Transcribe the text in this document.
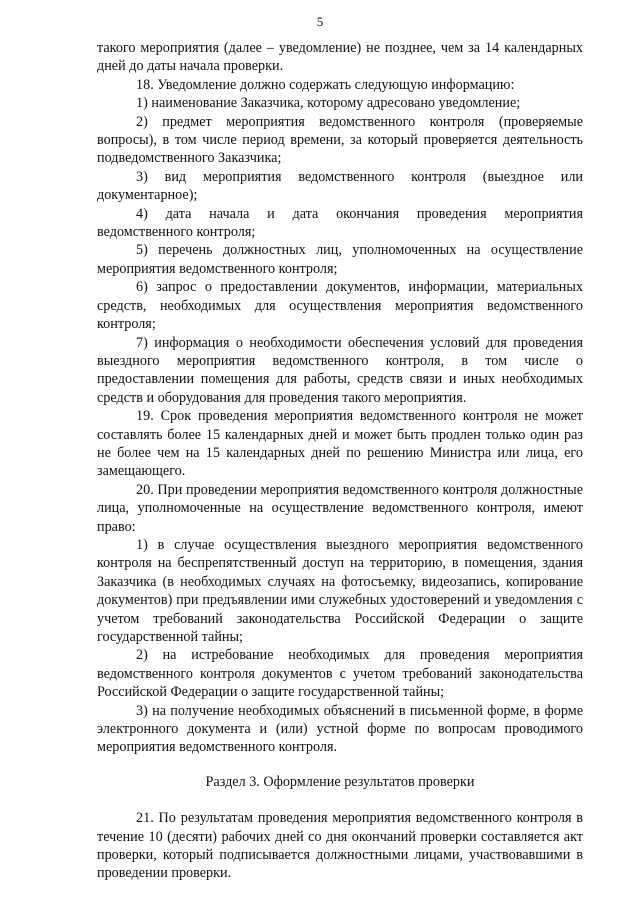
5

такого мероприятия (далее – уведомление) не позднее, чем за 14 календарных дней до даты начала проверки.

18. Уведомление должно содержать следующую информацию:

1) наименование Заказчика, которому адресовано уведомление;

2) предмет мероприятия ведомственного контроля (проверяемые вопросы), в том числе период времени, за который проверяется деятельность подведомственного Заказчика;

3) вид мероприятия ведомственного контроля (выездное или документарное);

4) дата начала и дата окончания проведения мероприятия ведомственного контроля;

5) перечень должностных лиц, уполномоченных на осуществление мероприятия ведомственного контроля;

6) запрос о предоставлении документов, информации, материальных средств, необходимых для осуществления мероприятия ведомственного контроля;

7) информация о необходимости обеспечения условий для проведения выездного мероприятия ведомственного контроля, в том числе о предоставлении помещения для работы, средств связи и иных необходимых средств и оборудования для проведения такого мероприятия.

19. Срок проведения мероприятия ведомственного контроля не может составлять более 15 календарных дней и может быть продлен только один раз не более чем на 15 календарных дней по решению Министра или лица, его замещающего.

20. При проведении мероприятия ведомственного контроля должностные лица, уполномоченные на осуществление ведомственного контроля, имеют право:

1) в случае осуществления выездного мероприятия ведомственного контроля на беспрепятственный доступ на территорию, в помещения, здания Заказчика (в необходимых случаях на фотосъемку, видеозапись, копирование документов) при предъявлении ими служебных удостоверений и уведомления с учетом требований законодательства Российской Федерации о защите государственной тайны;

2) на истребование необходимых для проведения мероприятия ведомственного контроля документов с учетом требований законодательства Российской Федерации о защите государственной тайны;

3) на получение необходимых объяснений в письменной форме, в форме электронного документа и (или) устной форме по вопросам проводимого мероприятия ведомственного контроля.

Раздел 3. Оформление результатов проверки

21. По результатам проведения мероприятия ведомственного контроля в течение 10 (десяти) рабочих дней со дня окончаний проверки составляется акт проверки, который подписывается должностными лицами, участвовавшими в проведении проверки.
